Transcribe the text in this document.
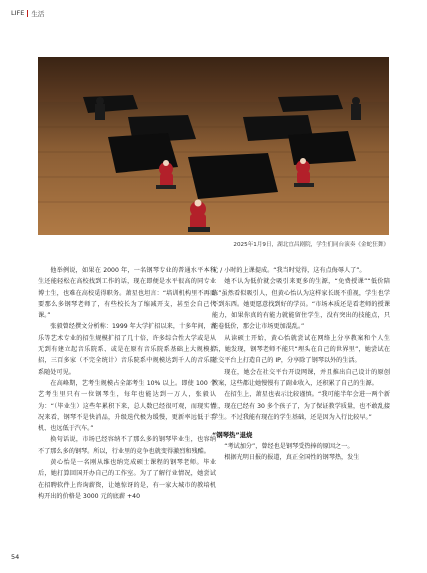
LIFE 生活
2025年1月9日，湖北宜昌剧院，学生们同台演奏《金蛇狂舞》

他举例说，如果在 2000 年，一名钢琴专业的普通水平本科生还能轻松在高校找到工作的话，现在即便是水平很高的同专业博士生，也难在高校觅得职务。萧星也坦言：“培训机构里不再需要那么多钢琴老师了，有些校长为了缩减开支，甚至会自己代课。”

张毅曾经撰文分析称：1999 年大学扩招以来，十多年间，音乐等艺术专业的招生规模扩招了几十倍，许多综合性大学或是从无到有建立起音乐院系、或是在原有音乐院系基础上大规模扩招，三百多家（不完全统计）音乐院系中规模达到千人的音乐院系随处可见。

在高峰期，艺考生规模占全部考生 10% 以上。即使 100 个艺考生里只有一位钢琴生，每年也能达到一万人，张毅认为：“（毕业生）这些年累积下来，总人数已经很可观，而现实情况来看，钢琴不是快消品，升级迭代极为缓慢，更新率远低于手机、也远低于汽车。”

换句话说，市场已经容纳不了那么多的钢琴毕业生，也容纳不了那么多的钢琴。所以，行业里的竞争也就变得激烈和残酷。

黄心怡是一名刚从维也纳完成硕士课程的钢琴老师。毕业后，她打算回国开办自己的工作室。为了了解行业情况，她尝试在招聘软件上咨询薪资，让她惊讶的是，有一家大城市的教培机构开出的价格是 3000 元的底薪 +40

元 / 小时的上课提成。“我当时觉得，这有点侮辱人了”。

她不认为低价就会吸引来更多的生源，“免费授课”“低价陪练”虽然看似吸引人，但黄心怡认为这样家长既不重视，学生也学不到东西。她更愿意找到好的学员。“市场本质还是看老师的授课能力，如果你真的有能力就能留住学生，没有突出的技能点，只能卷低价，那会让市场更加混乱。”

从读硕士开始，黄心怡就尝试在网络上分享教案和个人生活，她发现，钢琴老师不能只“埋头在自己的世界里”，她尝试在社交平台上打造自己的 IP，分享除了钢琴以外的生活。

现在，她会在社交平台开设网课，并且推出自己设计的原创教案，这些都让她慢慢有了副业收入，还积累了自己的生源。

在招生上，萧星也表示比较谨慎。“我可能半年会进一两个新生，现在已经有 30 多个孩子了，为了保证教学质量，也不敢乱接学生。不过我能有现在的学生基础，还是因为入行比较早。”

“钢琴热”退烧

“考试加分”，曾经也是钢琴受热捧的原因之一。

根据光明日报的报道，真正全国性的钢琴热，发生

54
